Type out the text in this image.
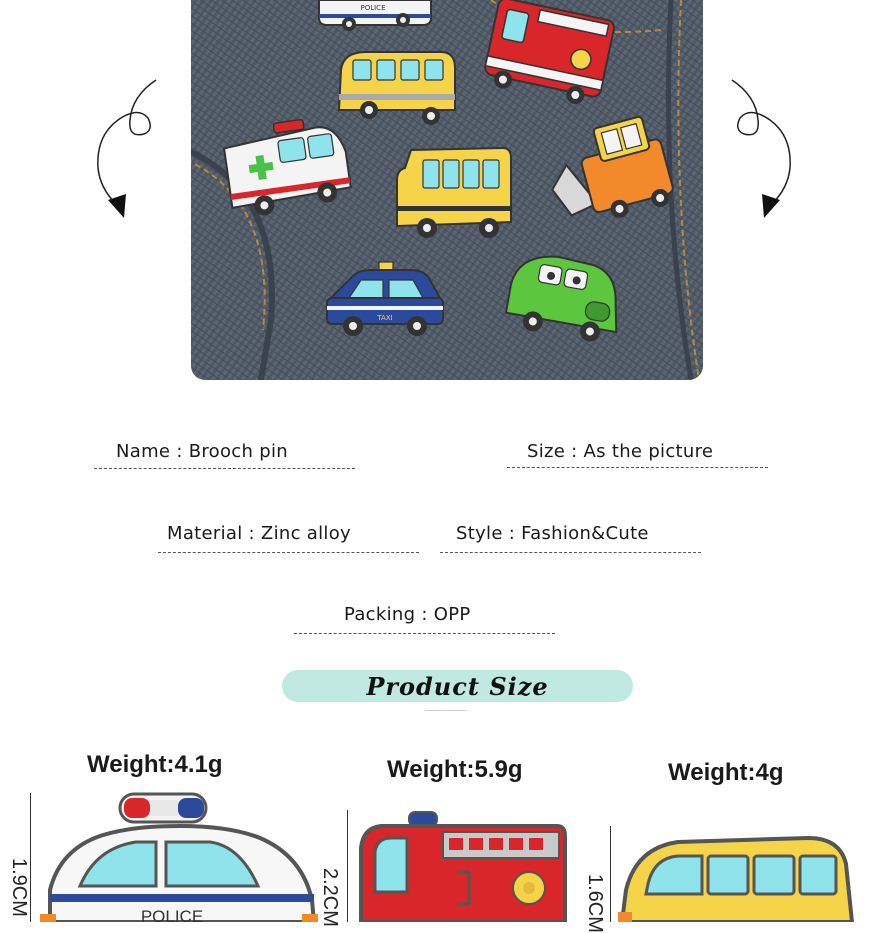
POLICE
TAXI
Name : Brooch pin	Size : As the picture
Material : Zinc alloy	Style : Fashion&Cute
Packing : OPP
Product Size
Weight:4.1g	Weight:5.9g	Weight:4g
1.9CM	2.2CM	1.6CM
POLICE
